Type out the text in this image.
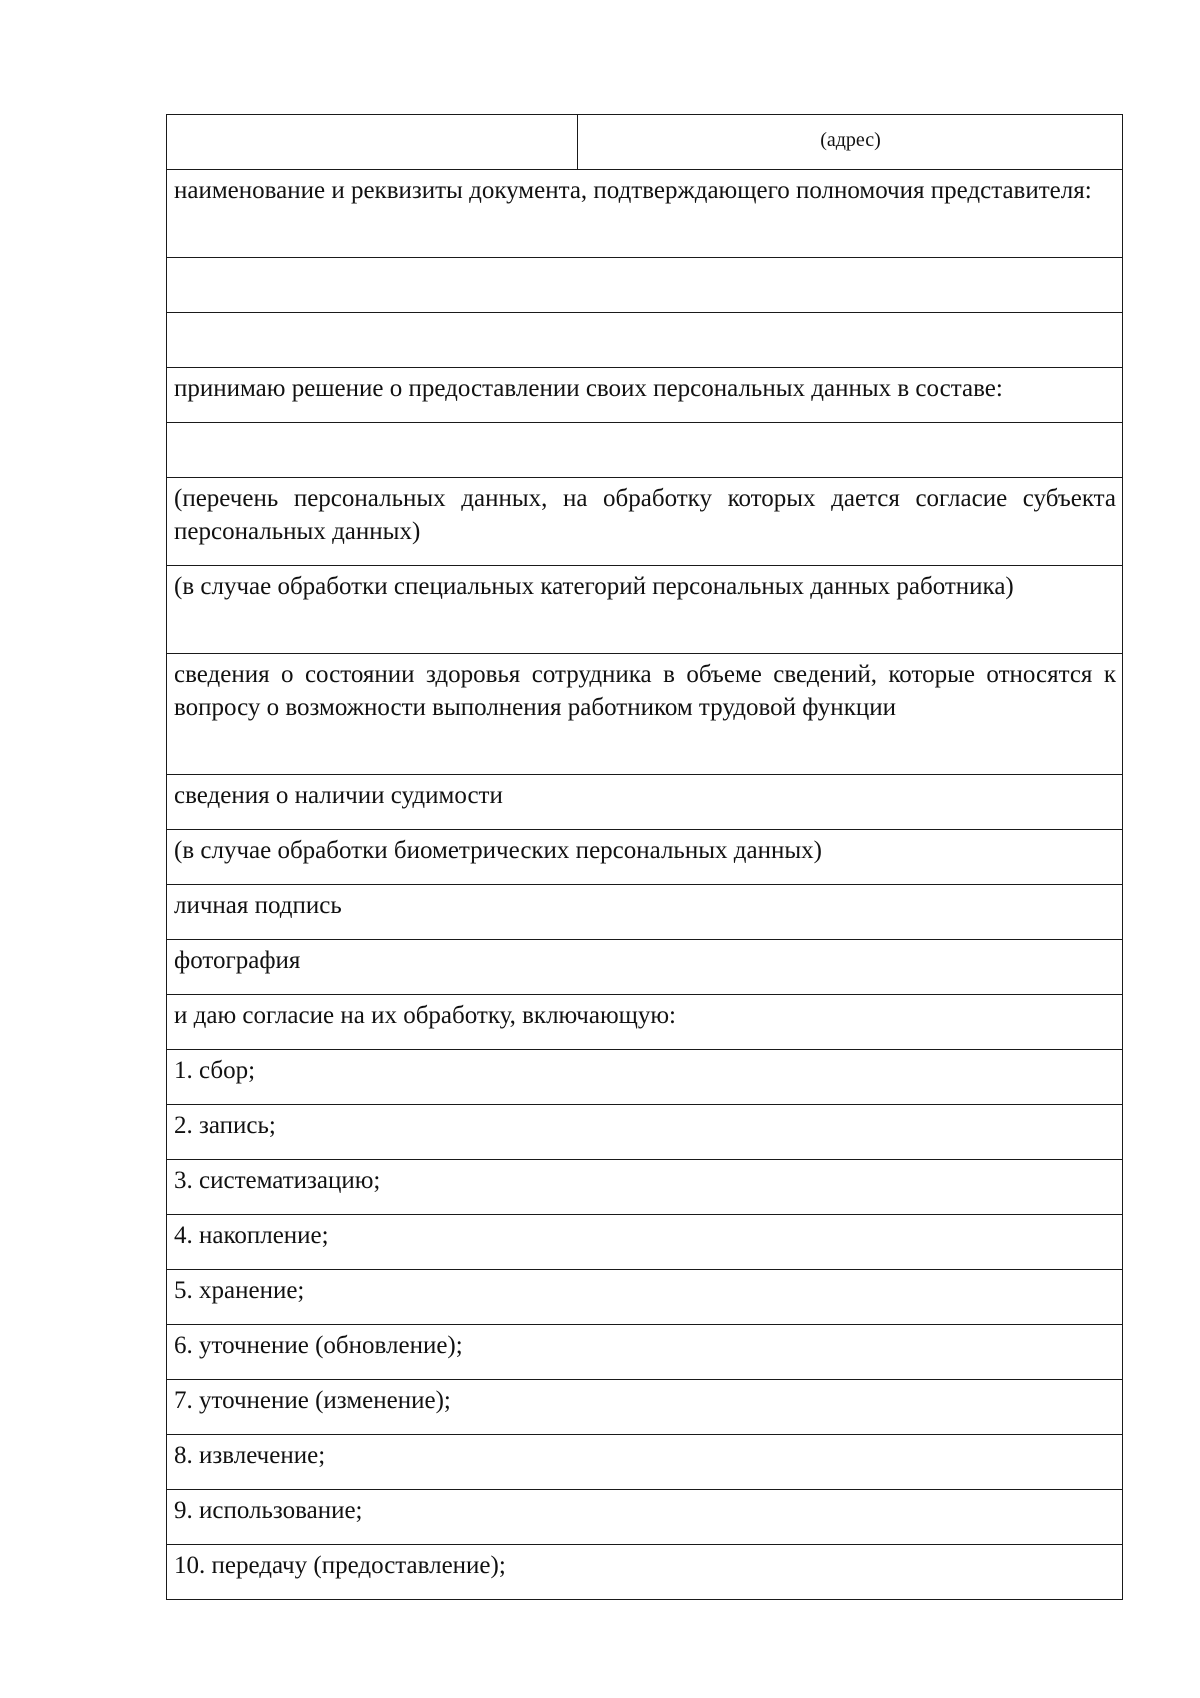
	(адрес)
наименование и реквизиты документа, подтверждающего полномочия представителя:

принимаю решение о предоставлении своих персональных данных в составе:

(перечень персональных данных, на обработку которых дается согласие субъекта персональных данных)
(в случае обработки специальных категорий персональных данных работника)
сведения о состоянии здоровья сотрудника в объеме сведений, которые относятся к вопросу о возможности выполнения работником трудовой функции
сведения о наличии судимости
(в случае обработки биометрических персональных данных)
личная подпись
фотография
и даю согласие на их обработку, включающую:
1. сбор;
2. запись;
3. систематизацию;
4. накопление;
5. хранение;
6. уточнение (обновление);
7. уточнение (изменение);
8. извлечение;
9. использование;
10. передачу (предоставление);
